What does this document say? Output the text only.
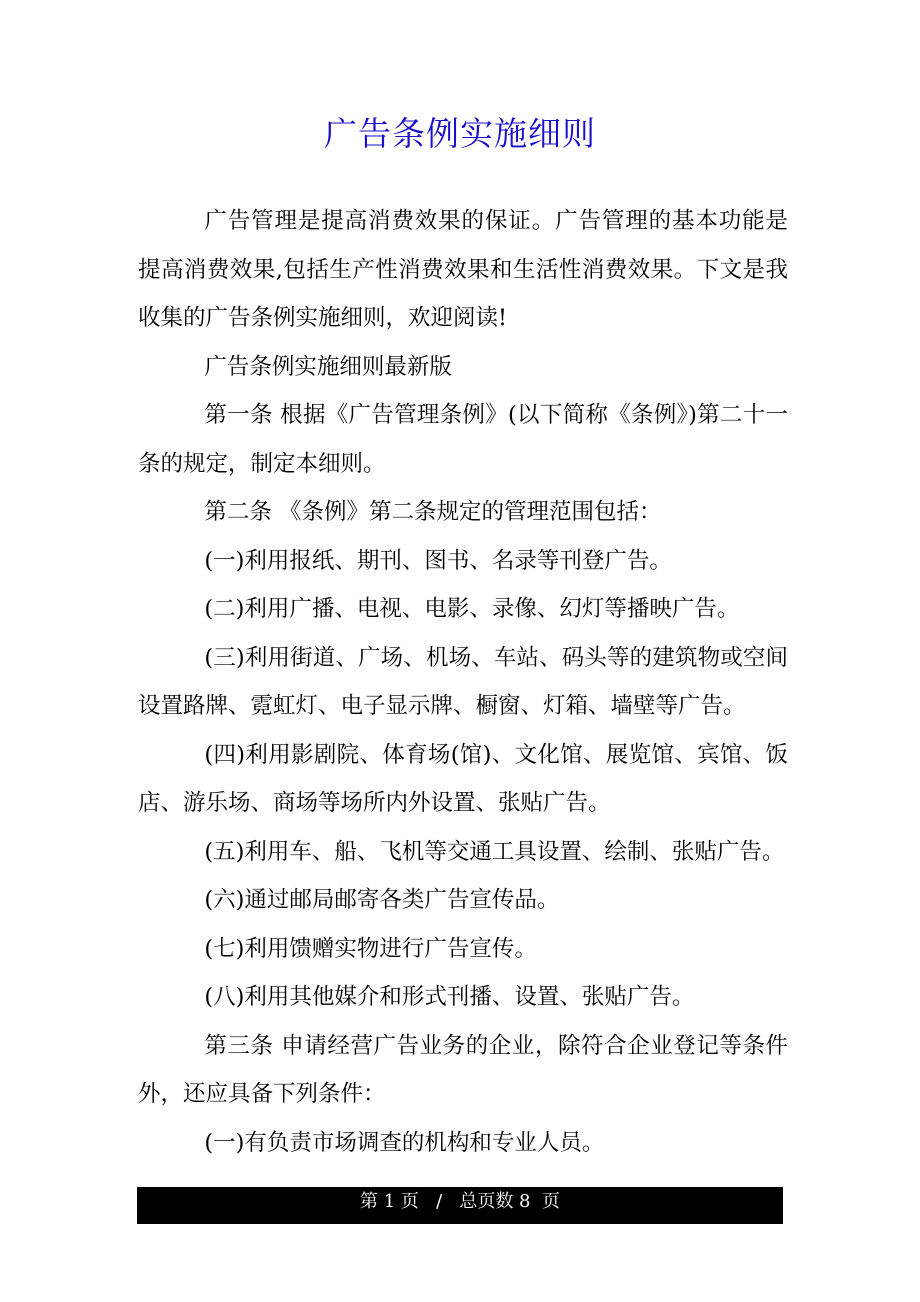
广告条例实施细则

广告管理是提高消费效果的保证。广告管理的基本功能是提高消费效果,包括生产性消费效果和生活性消费效果。下文是我收集的广告条例实施细则，欢迎阅读!

广告条例实施细则最新版

第一条 根据《广告管理条例》(以下简称《条例》)第二十一条的规定，制定本细则。

第二条 《条例》第二条规定的管理范围包括：

(一)利用报纸、期刊、图书、名录等刊登广告。

(二)利用广播、电视、电影、录像、幻灯等播映广告。

(三)利用街道、广场、机场、车站、码头等的建筑物或空间设置路牌、霓虹灯、电子显示牌、橱窗、灯箱、墙壁等广告。

(四)利用影剧院、体育场(馆)、文化馆、展览馆、宾馆、饭店、游乐场、商场等场所内外设置、张贴广告。

(五)利用车、船、飞机等交通工具设置、绘制、张贴广告。

(六)通过邮局邮寄各类广告宣传品。

(七)利用馈赠实物进行广告宣传。

(八)利用其他媒介和形式刊播、设置、张贴广告。

第三条 申请经营广告业务的企业，除符合企业登记等条件外，还应具备下列条件：

(一)有负责市场调查的机构和专业人员。

第 1 页   /   总页数 8  页
